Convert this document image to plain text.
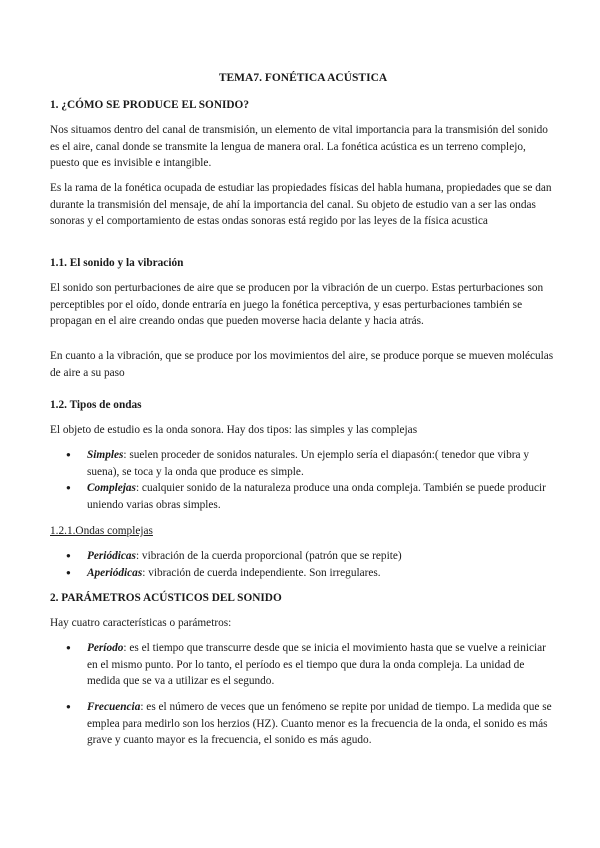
TEMA7. FONÉTICA ACÚSTICA
1. ¿CÓMO SE PRODUCE EL SONIDO?

Nos situamos dentro del canal de transmisión, un elemento de vital importancia para la transmisión del sonido es el aire, canal donde se transmite la lengua de manera oral. La fonética acústica es un terreno complejo, puesto que es invisible e intangible.

Es la rama de la fonética ocupada de estudiar las propiedades físicas del habla humana, propiedades que se dan durante la transmisión del mensaje, de ahí la importancia del canal. Su objeto de estudio van a ser las ondas sonoras y el comportamiento de estas ondas sonoras está regido por las leyes de la física acustica

1.1. El sonido y la vibración

El sonido son perturbaciones de aire que se producen por la vibración de un cuerpo. Estas perturbaciones son perceptibles por el oído, donde entraría en juego la fonética perceptiva, y esas perturbaciones también se propagan en el aire creando ondas que pueden moverse hacia delante y hacia atrás.

En cuanto a la vibración, que se produce por los movimientos del aire, se produce porque se mueven moléculas de aire a su paso

1.2. Tipos de ondas

El objeto de estudio es la onda sonora. Hay dos tipos: las simples y las complejas

● Simples: suelen proceder de sonidos naturales. Un ejemplo sería el diapasón:( tenedor que vibra y suena), se toca y la onda que produce es simple.
● Complejas: cualquier sonido de la naturaleza produce una onda compleja. También se puede producir uniendo varias obras simples.
1.2.1.Ondas complejas
● Periódicas: vibración de la cuerda proporcional (patrón que se repite)
● Aperiódicas: vibración de cuerda independiente. Son irregulares.
2. PARÁMETROS ACÚSTICOS DEL SONIDO

Hay cuatro características o parámetros:

● Período: es el tiempo que transcurre desde que se inicia el movimiento hasta que se vuelve a reiniciar en el mismo punto. Por lo tanto, el período es el tiempo que dura la onda compleja. La unidad de medida que se va a utilizar es el segundo.
● Frecuencia: es el número de veces que un fenómeno se repite por unidad de tiempo. La medida que se emplea para medirlo son los herzios (HZ). Cuanto menor es la frecuencia de la onda, el sonido es más grave y cuanto mayor es la frecuencia, el sonido es más agudo.
